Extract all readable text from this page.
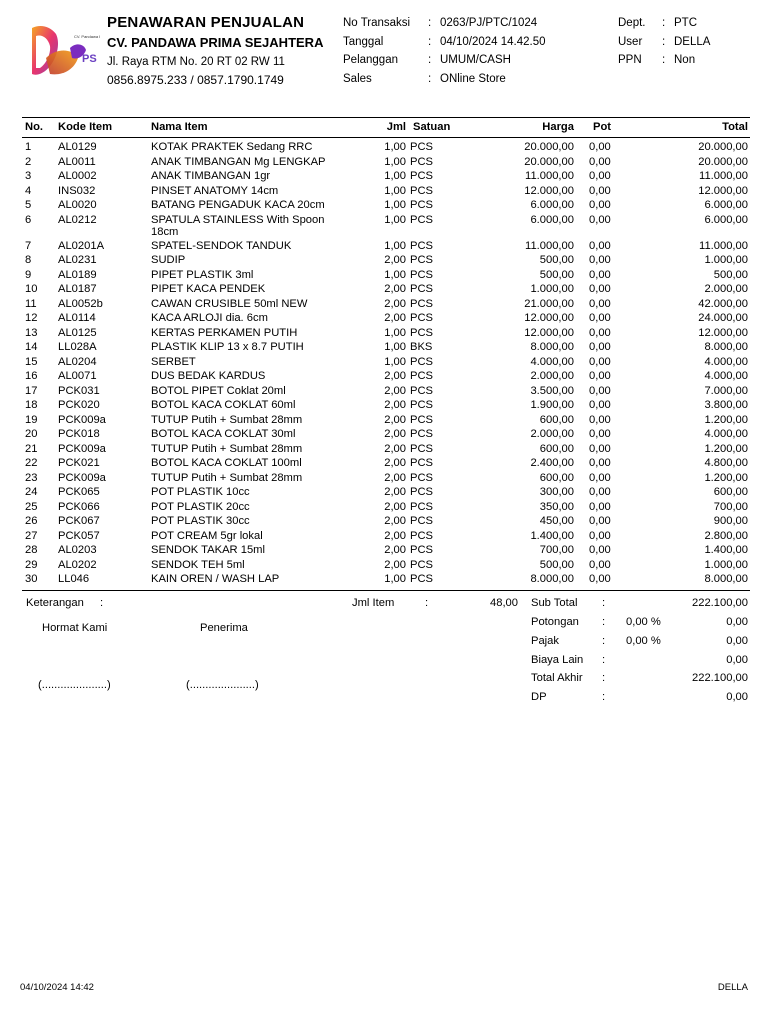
CV. Pandawa
PS
PENAWARAN PENJUALAN
CV. PANDAWA PRIMA SEJAHTERA
Jl. Raya RTM No. 20 RT 02 RW 11
0856.8975.233 / 0857.1790.1749
No Transaksi : 0263/PJ/PTC/1024
Tanggal	: 04/10/2024 14.42.50
Pelanggan	: UMUM/CASH
Sales	: ONline Store
Dept. : PTC
User : DELLA
PPN : Non
No. Kode Item	Nama Item	Jml Satuan	Harga Pot	Total
1 AL0129	KOTAK PRAKTEK Sedang RRC	1,00 PCS	20.000,00 0,00	20.000,00
2 AL0011	ANAK TIMBANGAN Mg LENGKAP	1,00 PCS	20.000,00 0,00	20.000,00
3 AL0002	ANAK TIMBANGAN 1gr	1,00 PCS	11.000,00 0,00	11.000,00
4 INS032	PINSET ANATOMY 14cm	1,00 PCS	12.000,00 0,00	12.000,00
5 AL0020	BATANG PENGADUK KACA 20cm	1,00 PCS	6.000,00 0,00	6.000,00
6 AL0212	SPATULA STAINLESS With Spoon 18cm
1,00 PCS	6.000,00 0,00	6.000,00
7 AL0201A	SPATEL-SENDOK TANDUK	1,00 PCS	11.000,00 0,00	11.000,00
8 AL0231	SUDIP	2,00 PCS	500,00 0,00	1.000,00
9 AL0189	PIPET PLASTIK 3ml	1,00 PCS	500,00 0,00	500,00
10 AL0187	PIPET KACA PENDEK	2,00 PCS	1.000,00 0,00	2.000,00
11 AL0052b	CAWAN CRUSIBLE 50ml NEW	2,00 PCS	21.000,00 0,00	42.000,00
12 AL0114	KACA ARLOJI dia. 6cm	2,00 PCS	12.000,00 0,00	24.000,00
13 AL0125	KERTAS PERKAMEN PUTIH	1,00 PCS	12.000,00 0,00	12.000,00
14 LL028A	PLASTIK KLIP 13 x 8.7 PUTIH	1,00 BKS	8.000,00 0,00	8.000,00
15 AL0204	SERBET	1,00 PCS	4.000,00 0,00	4.000,00
16 AL0071	DUS BEDAK KARDUS	2,00 PCS	2.000,00 0,00	4.000,00
17 PCK031	BOTOL PIPET Coklat 20ml	2,00 PCS	3.500,00 0,00	7.000,00
18 PCK020	BOTOL KACA COKLAT 60ml	2,00 PCS	1.900,00 0,00	3.800,00
19 PCK009a	TUTUP Putih + Sumbat 28mm	2,00 PCS	600,00 0,00	1.200,00
20 PCK018	BOTOL KACA COKLAT 30ml	2,00 PCS	2.000,00 0,00	4.000,00
21 PCK009a	TUTUP Putih + Sumbat 28mm	2,00 PCS	600,00 0,00	1.200,00
22 PCK021	BOTOL KACA COKLAT 100ml	2,00 PCS	2.400,00 0,00	4.800,00
23 PCK009a	TUTUP Putih + Sumbat 28mm	2,00 PCS	600,00 0,00	1.200,00
24 PCK065	POT PLASTIK 10cc	2,00 PCS	300,00 0,00	600,00
25 PCK066	POT PLASTIK 20cc	2,00 PCS	350,00 0,00	700,00
26 PCK067	POT PLASTIK 30cc	2,00 PCS	450,00 0,00	900,00
27 PCK057	POT CREAM 5gr lokal	2,00 PCS	1.400,00 0,00	2.800,00
28 AL0203	SENDOK TAKAR 15ml	2,00 PCS	700,00 0,00	1.400,00
29 AL0202	SENDOK TEH 5ml	2,00 PCS	500,00 0,00	1.000,00
30 LL046	KAIN OREN / WASH LAP	1,00 PCS	8.000,00 0,00	8.000,00
Keterangan :	Jml Item	:	48,00
Hormat Kami	Penerima
(.....................)	(.....................)
Sub Total :	222.100,00
Potongan : 0,00 %	0,00
Pajak	: 0,00 %	0,00
Biaya Lain :	0,00
Total Akhir :	222.100,00
DP	:	0,00
04/10/2024 14:42	DELLA
